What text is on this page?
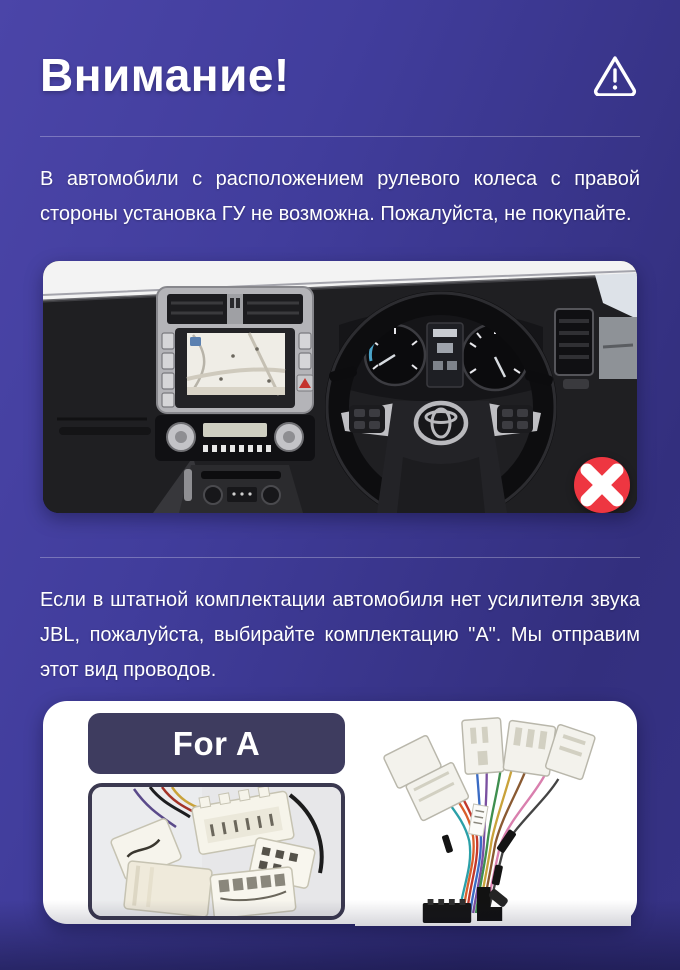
Внимание!

В автомобили с расположением рулевого колеса с правой стороны установка ГУ не возможна. Пожалуйста, не покупайте.

Если в штатной комплектации автомобиля нет усилителя звука JBL, пожалуйста, выбирайте комплектацию "А". Мы отправим этот вид проводов.

For A
